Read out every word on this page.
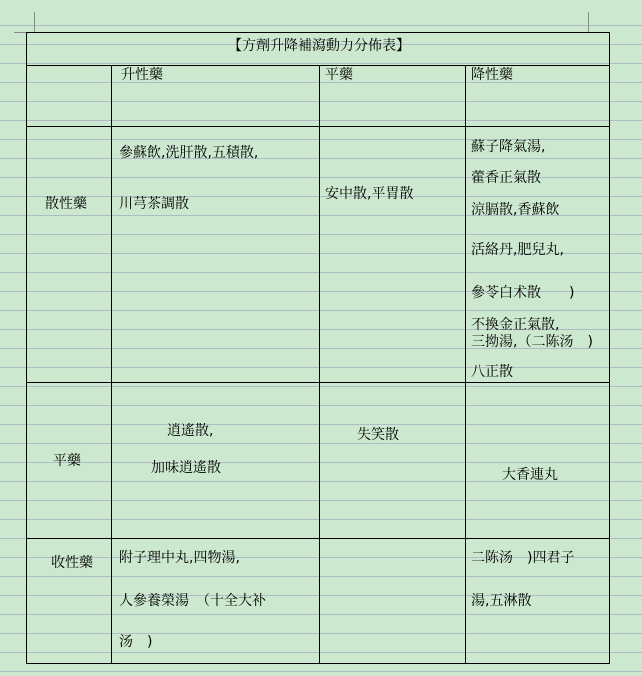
【方劑升降補瀉動力分佈表】
升性藥	平藥	降性藥
散性藥
參蘇飲,洗肝散,五積散,
川芎茶調散
安中散,平胃散
蘇子降氣湯,
藿香正氣散
涼膈散,香蘇飲
活絡丹,肥兒丸,
參苓白术散　　)
不換金正氣散,
三拗湯,（二陈汤　)
八正散
平藥
逍遙散,
加味逍遙散
失笑散
大香連丸
收性藥 附子理中丸,四物湯,
人參養榮湯　（十全大补
汤　)
二陈汤　)四君子
湯,五淋散
